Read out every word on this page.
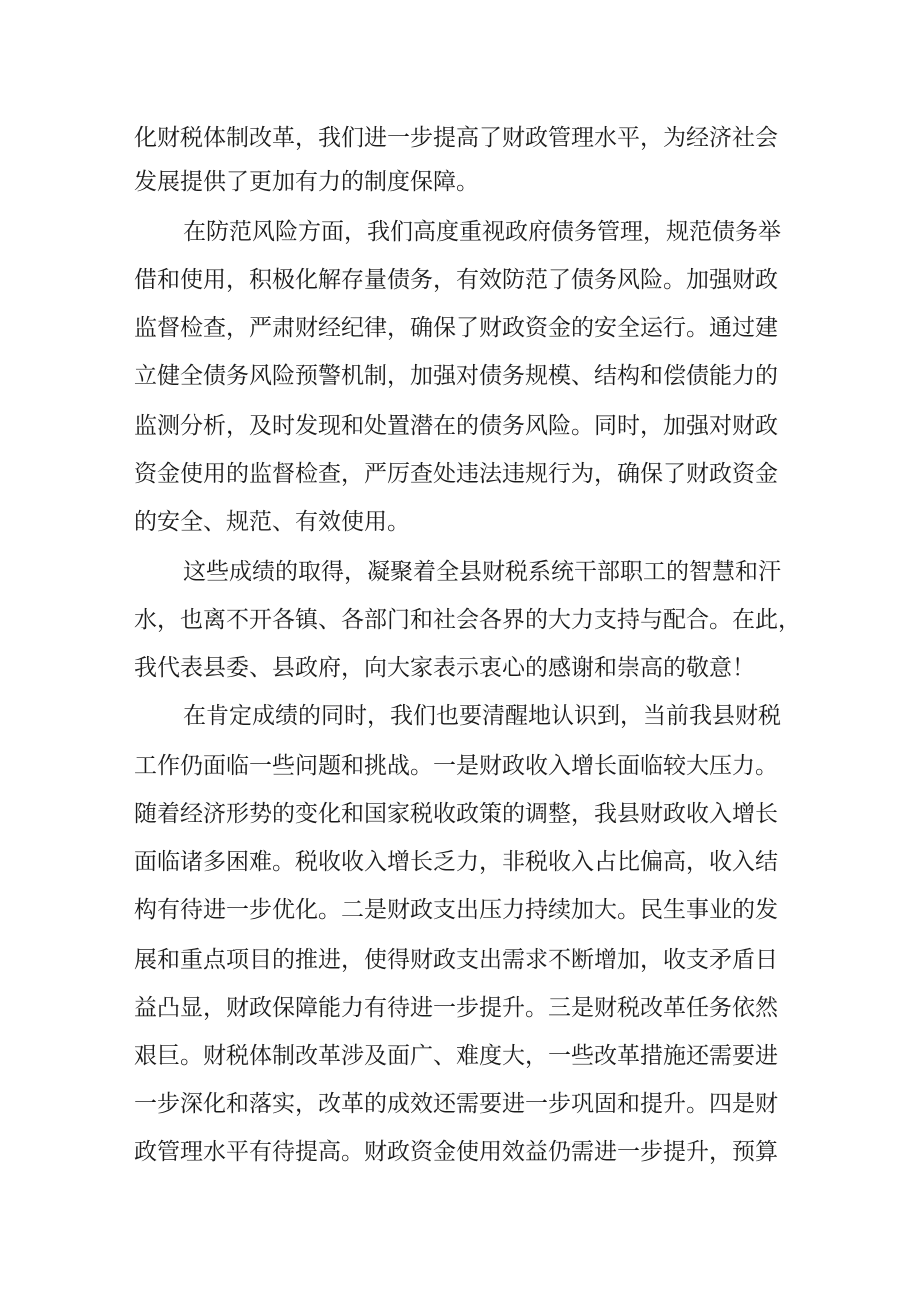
化财税体制改革，我们进一步提高了财政管理水平，为经济社会
发展提供了更加有力的制度保障。
在防范风险方面，我们高度重视政府债务管理，规范债务举
借和使用，积极化解存量债务，有效防范了债务风险。加强财政
监督检查，严肃财经纪律，确保了财政资金的安全运行。通过建
立健全债务风险预警机制，加强对债务规模、结构和偿债能力的
监测分析，及时发现和处置潜在的债务风险。同时，加强对财政
资金使用的监督检查，严厉查处违法违规行为，确保了财政资金
的安全、规范、有效使用。
这些成绩的取得，凝聚着全县财税系统干部职工的智慧和汗
水，也离不开各镇、各部门和社会各界的大力支持与配合。在此，
我代表县委、县政府，向大家表示衷心的感谢和崇高的敬意！
在肯定成绩的同时，我们也要清醒地认识到，当前我县财税
工作仍面临一些问题和挑战。一是财政收入增长面临较大压力。
随着经济形势的变化和国家税收政策的调整，我县财政收入增长
面临诸多困难。税收收入增长乏力，非税收入占比偏高，收入结
构有待进一步优化。二是财政支出压力持续加大。民生事业的发
展和重点项目的推进，使得财政支出需求不断增加，收支矛盾日
益凸显，财政保障能力有待进一步提升。三是财税改革任务依然
艰巨。财税体制改革涉及面广、难度大，一些改革措施还需要进
一步深化和落实，改革的成效还需要进一步巩固和提升。四是财
政管理水平有待提高。财政资金使用效益仍需进一步提升，预算
